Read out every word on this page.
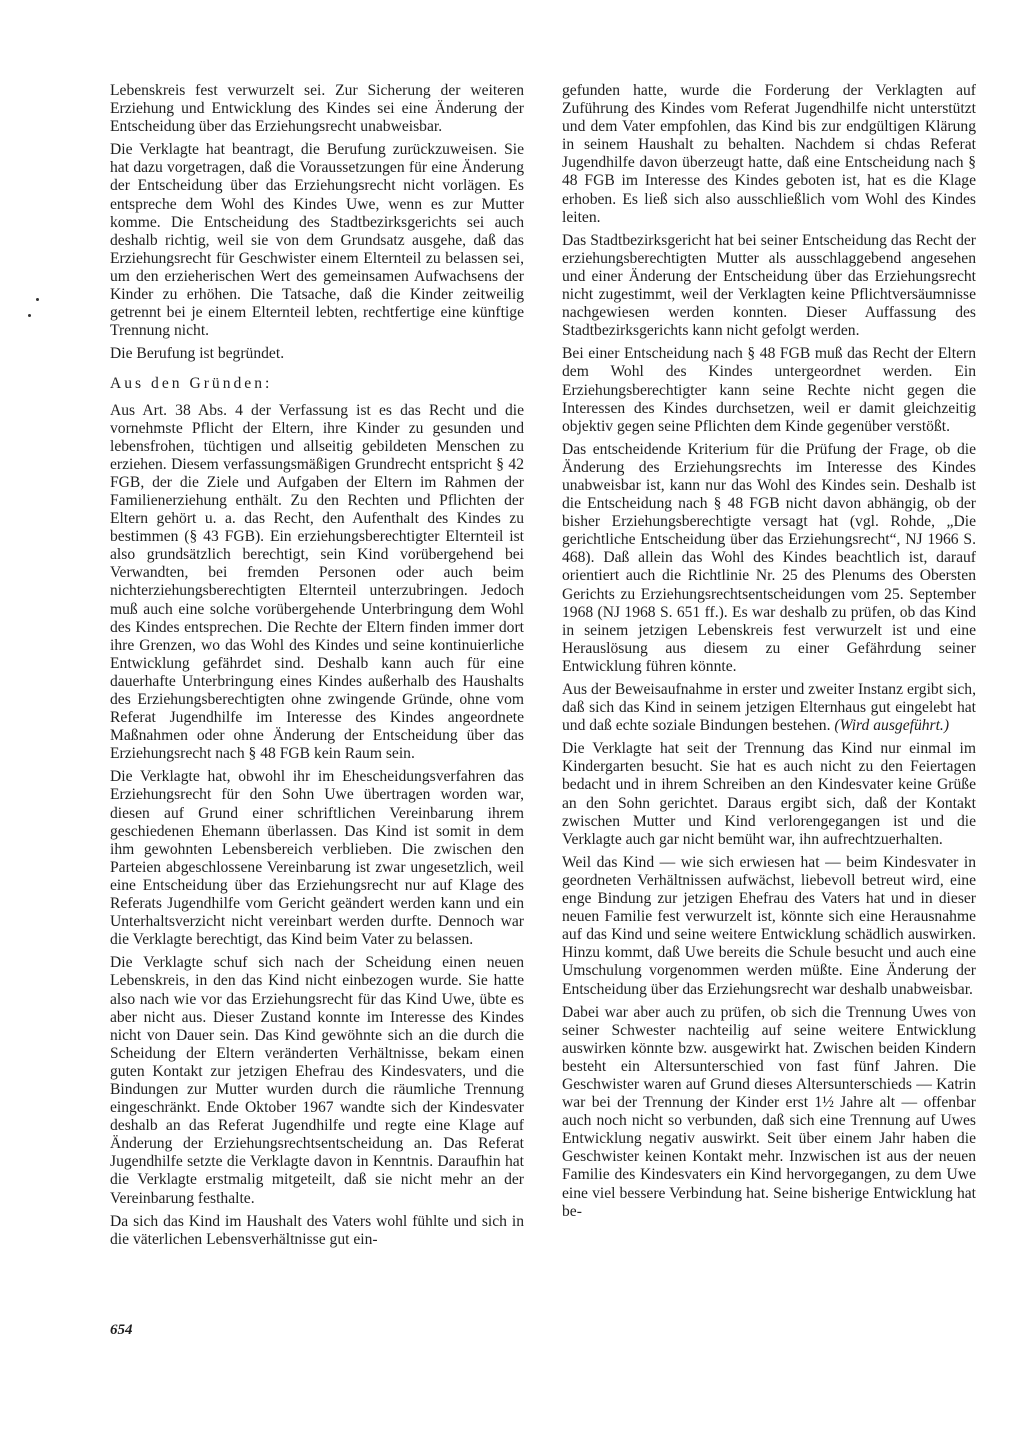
Lebenskreis fest verwurzelt sei. Zur Sicherung der weiteren Erziehung und Entwicklung des Kindes sei eine Änderung der Entscheidung über das Erziehungsrecht unabweisbar.

Die Verklagte hat beantragt, die Berufung zurückzuweisen. Sie hat dazu vorgetragen, daß die Voraussetzungen für eine Änderung der Entscheidung über das Erziehungsrecht nicht vorlägen. Es entspreche dem Wohl des Kindes Uwe, wenn es zur Mutter komme. Die Entscheidung des Stadtbezirksgerichts sei auch deshalb richtig, weil sie von dem Grundsatz ausgehe, daß das Erziehungsrecht für Geschwister einem Elternteil zu belassen sei, um den erzieherischen Wert des gemeinsamen Aufwachsens der Kinder zu erhöhen. Die Tatsache, daß die Kinder zeitweilig getrennt bei je einem Elternteil lebten, rechtfertige eine künftige Trennung nicht.

Die Berufung ist begründet.

Aus den Gründen:

Aus Art. 38 Abs. 4 der Verfassung ist es das Recht und die vornehmste Pflicht der Eltern, ihre Kinder zu gesunden und lebensfrohen, tüchtigen und allseitig gebildeten Menschen zu erziehen. Diesem verfassungsmäßigen Grundrecht entspricht § 42 FGB, der die Ziele und Aufgaben der Eltern im Rahmen der Familienerziehung enthält. Zu den Rechten und Pflichten der Eltern gehört u. a. das Recht, den Aufenthalt des Kindes zu bestimmen (§ 43 FGB). Ein erziehungsberechtigter Elternteil ist also grundsätzlich berechtigt, sein Kind vorübergehend bei Verwandten, bei fremden Personen oder auch beim nichterziehungsberechtigten Elternteil unterzubringen. Jedoch muß auch eine solche vorübergehende Unterbringung dem Wohl des Kindes entsprechen. Die Rechte der Eltern finden immer dort ihre Grenzen, wo das Wohl des Kindes und seine kontinuierliche Entwicklung gefährdet sind. Deshalb kann auch für eine dauerhafte Unterbringung eines Kindes außerhalb des Haushalts des Erziehungsberechtigten ohne zwingende Gründe, ohne vom Referat Jugendhilfe im Interesse des Kindes angeordnete Maßnahmen oder ohne Änderung der Entscheidung über das Erziehungsrecht nach § 48 FGB kein Raum sein.

Die Verklagte hat, obwohl ihr im Ehescheidungsverfahren das Erziehungsrecht für den Sohn Uwe übertragen worden war, diesen auf Grund einer schriftlichen Vereinbarung ihrem geschiedenen Ehemann überlassen. Das Kind ist somit in dem ihm gewohnten Lebensbereich verblieben. Die zwischen den Parteien abgeschlossene Vereinbarung ist zwar ungesetzlich, weil eine Entscheidung über das Erziehungsrecht nur auf Klage des Referats Jugendhilfe vom Gericht geändert werden kann und ein Unterhaltsverzicht nicht vereinbart werden durfte. Dennoch war die Verklagte berechtigt, das Kind beim Vater zu belassen.

Die Verklagte schuf sich nach der Scheidung einen neuen Lebenskreis, in den das Kind nicht einbezogen wurde. Sie hatte also nach wie vor das Erziehungsrecht für das Kind Uwe, übte es aber nicht aus. Dieser Zustand konnte im Interesse des Kindes nicht von Dauer sein. Das Kind gewöhnte sich an die durch die Scheidung der Eltern veränderten Verhältnisse, bekam einen guten Kontakt zur jetzigen Ehefrau des Kindesvaters, und die Bindungen zur Mutter wurden durch die räumliche Trennung eingeschränkt. Ende Oktober 1967 wandte sich der Kindesvater deshalb an das Referat Jugendhilfe und regte eine Klage auf Änderung der Erziehungsrechtsentscheidung an. Das Referat Jugendhilfe setzte die Verklagte davon in Kenntnis. Daraufhin hat die Verklagte erstmalig mitgeteilt, daß sie nicht mehr an der Vereinbarung festhalte.

Da sich das Kind im Haushalt des Vaters wohl fühlte und sich in die väterlichen Lebensverhältnisse gut ein-

gefunden hatte, wurde die Forderung der Verklagten auf Zuführung des Kindes vom Referat Jugendhilfe nicht unterstützt und dem Vater empfohlen, das Kind bis zur endgültigen Klärung in seinem Haushalt zu behalten. Nachdem si chdas Referat Jugendhilfe davon überzeugt hatte, daß eine Entscheidung nach § 48 FGB im Interesse des Kindes geboten ist, hat es die Klage erhoben. Es ließ sich also ausschließlich vom Wohl des Kindes leiten.

Das Stadtbezirksgericht hat bei seiner Entscheidung das Recht der erziehungsberechtigten Mutter als ausschlaggebend angesehen und einer Änderung der Entscheidung über das Erziehungsrecht nicht zugestimmt, weil der Verklagten keine Pflichtversäumnisse nachgewiesen werden konnten. Dieser Auffassung des Stadtbezirksgerichts kann nicht gefolgt werden.

Bei einer Entscheidung nach § 48 FGB muß das Recht der Eltern dem Wohl des Kindes untergeordnet werden. Ein Erziehungsberechtigter kann seine Rechte nicht gegen die Interessen des Kindes durchsetzen, weil er damit gleichzeitig objektiv gegen seine Pflichten dem Kinde gegenüber verstößt.

Das entscheidende Kriterium für die Prüfung der Frage, ob die Änderung des Erziehungsrechts im Interesse des Kindes unabweisbar ist, kann nur das Wohl des Kindes sein. Deshalb ist die Entscheidung nach § 48 FGB nicht davon abhängig, ob der bisher Erziehungsberechtigte versagt hat (vgl. Rohde, „Die gerichtliche Entscheidung über das Erziehungsrecht“, NJ 1966 S. 468). Daß allein das Wohl des Kindes beachtlich ist, darauf orientiert auch die Richtlinie Nr. 25 des Plenums des Obersten Gerichts zu Erziehungsrechtsentscheidungen vom 25. September 1968 (NJ 1968 S. 651 ff.). Es war deshalb zu prüfen, ob das Kind in seinem jetzigen Lebenskreis fest verwurzelt ist und eine Herauslösung aus diesem zu einer Gefährdung seiner Entwicklung führen könnte.

Aus der Beweisaufnahme in erster und zweiter Instanz ergibt sich, daß sich das Kind in seinem jetzigen Elternhaus gut eingelebt hat und daß echte soziale Bindungen bestehen. (Wird ausgeführt.)

Die Verklagte hat seit der Trennung das Kind nur einmal im Kindergarten besucht. Sie hat es auch nicht zu den Feiertagen bedacht und in ihrem Schreiben an den Kindesvater keine Grüße an den Sohn gerichtet. Daraus ergibt sich, daß der Kontakt zwischen Mutter und Kind verlorengegangen ist und die Verklagte auch gar nicht bemüht war, ihn aufrechtzuerhalten.

Weil das Kind — wie sich erwiesen hat — beim Kindesvater in geordneten Verhältnissen aufwächst, liebevoll betreut wird, eine enge Bindung zur jetzigen Ehefrau des Vaters hat und in dieser neuen Familie fest verwurzelt ist, könnte sich eine Herausnahme auf das Kind und seine weitere Entwicklung schädlich auswirken. Hinzu kommt, daß Uwe bereits die Schule besucht und auch eine Umschulung vorgenommen werden müßte. Eine Änderung der Entscheidung über das Erziehungsrecht war deshalb unabweisbar.

Dabei war aber auch zu prüfen, ob sich die Trennung Uwes von seiner Schwester nachteilig auf seine weitere Entwicklung auswirken könnte bzw. ausgewirkt hat. Zwischen beiden Kindern besteht ein Altersunterschied von fast fünf Jahren. Die Geschwister waren auf Grund dieses Altersunterschieds — Katrin war bei der Trennung der Kinder erst 1½ Jahre alt — offenbar auch noch nicht so verbunden, daß sich eine Trennung auf Uwes Entwicklung negativ auswirkt. Seit über einem Jahr haben die Geschwister keinen Kontakt mehr. Inzwischen ist aus der neuen Familie des Kindesvaters ein Kind hervorgegangen, zu dem Uwe eine viel bessere Verbindung hat. Seine bisherige Entwicklung hat be-

654
